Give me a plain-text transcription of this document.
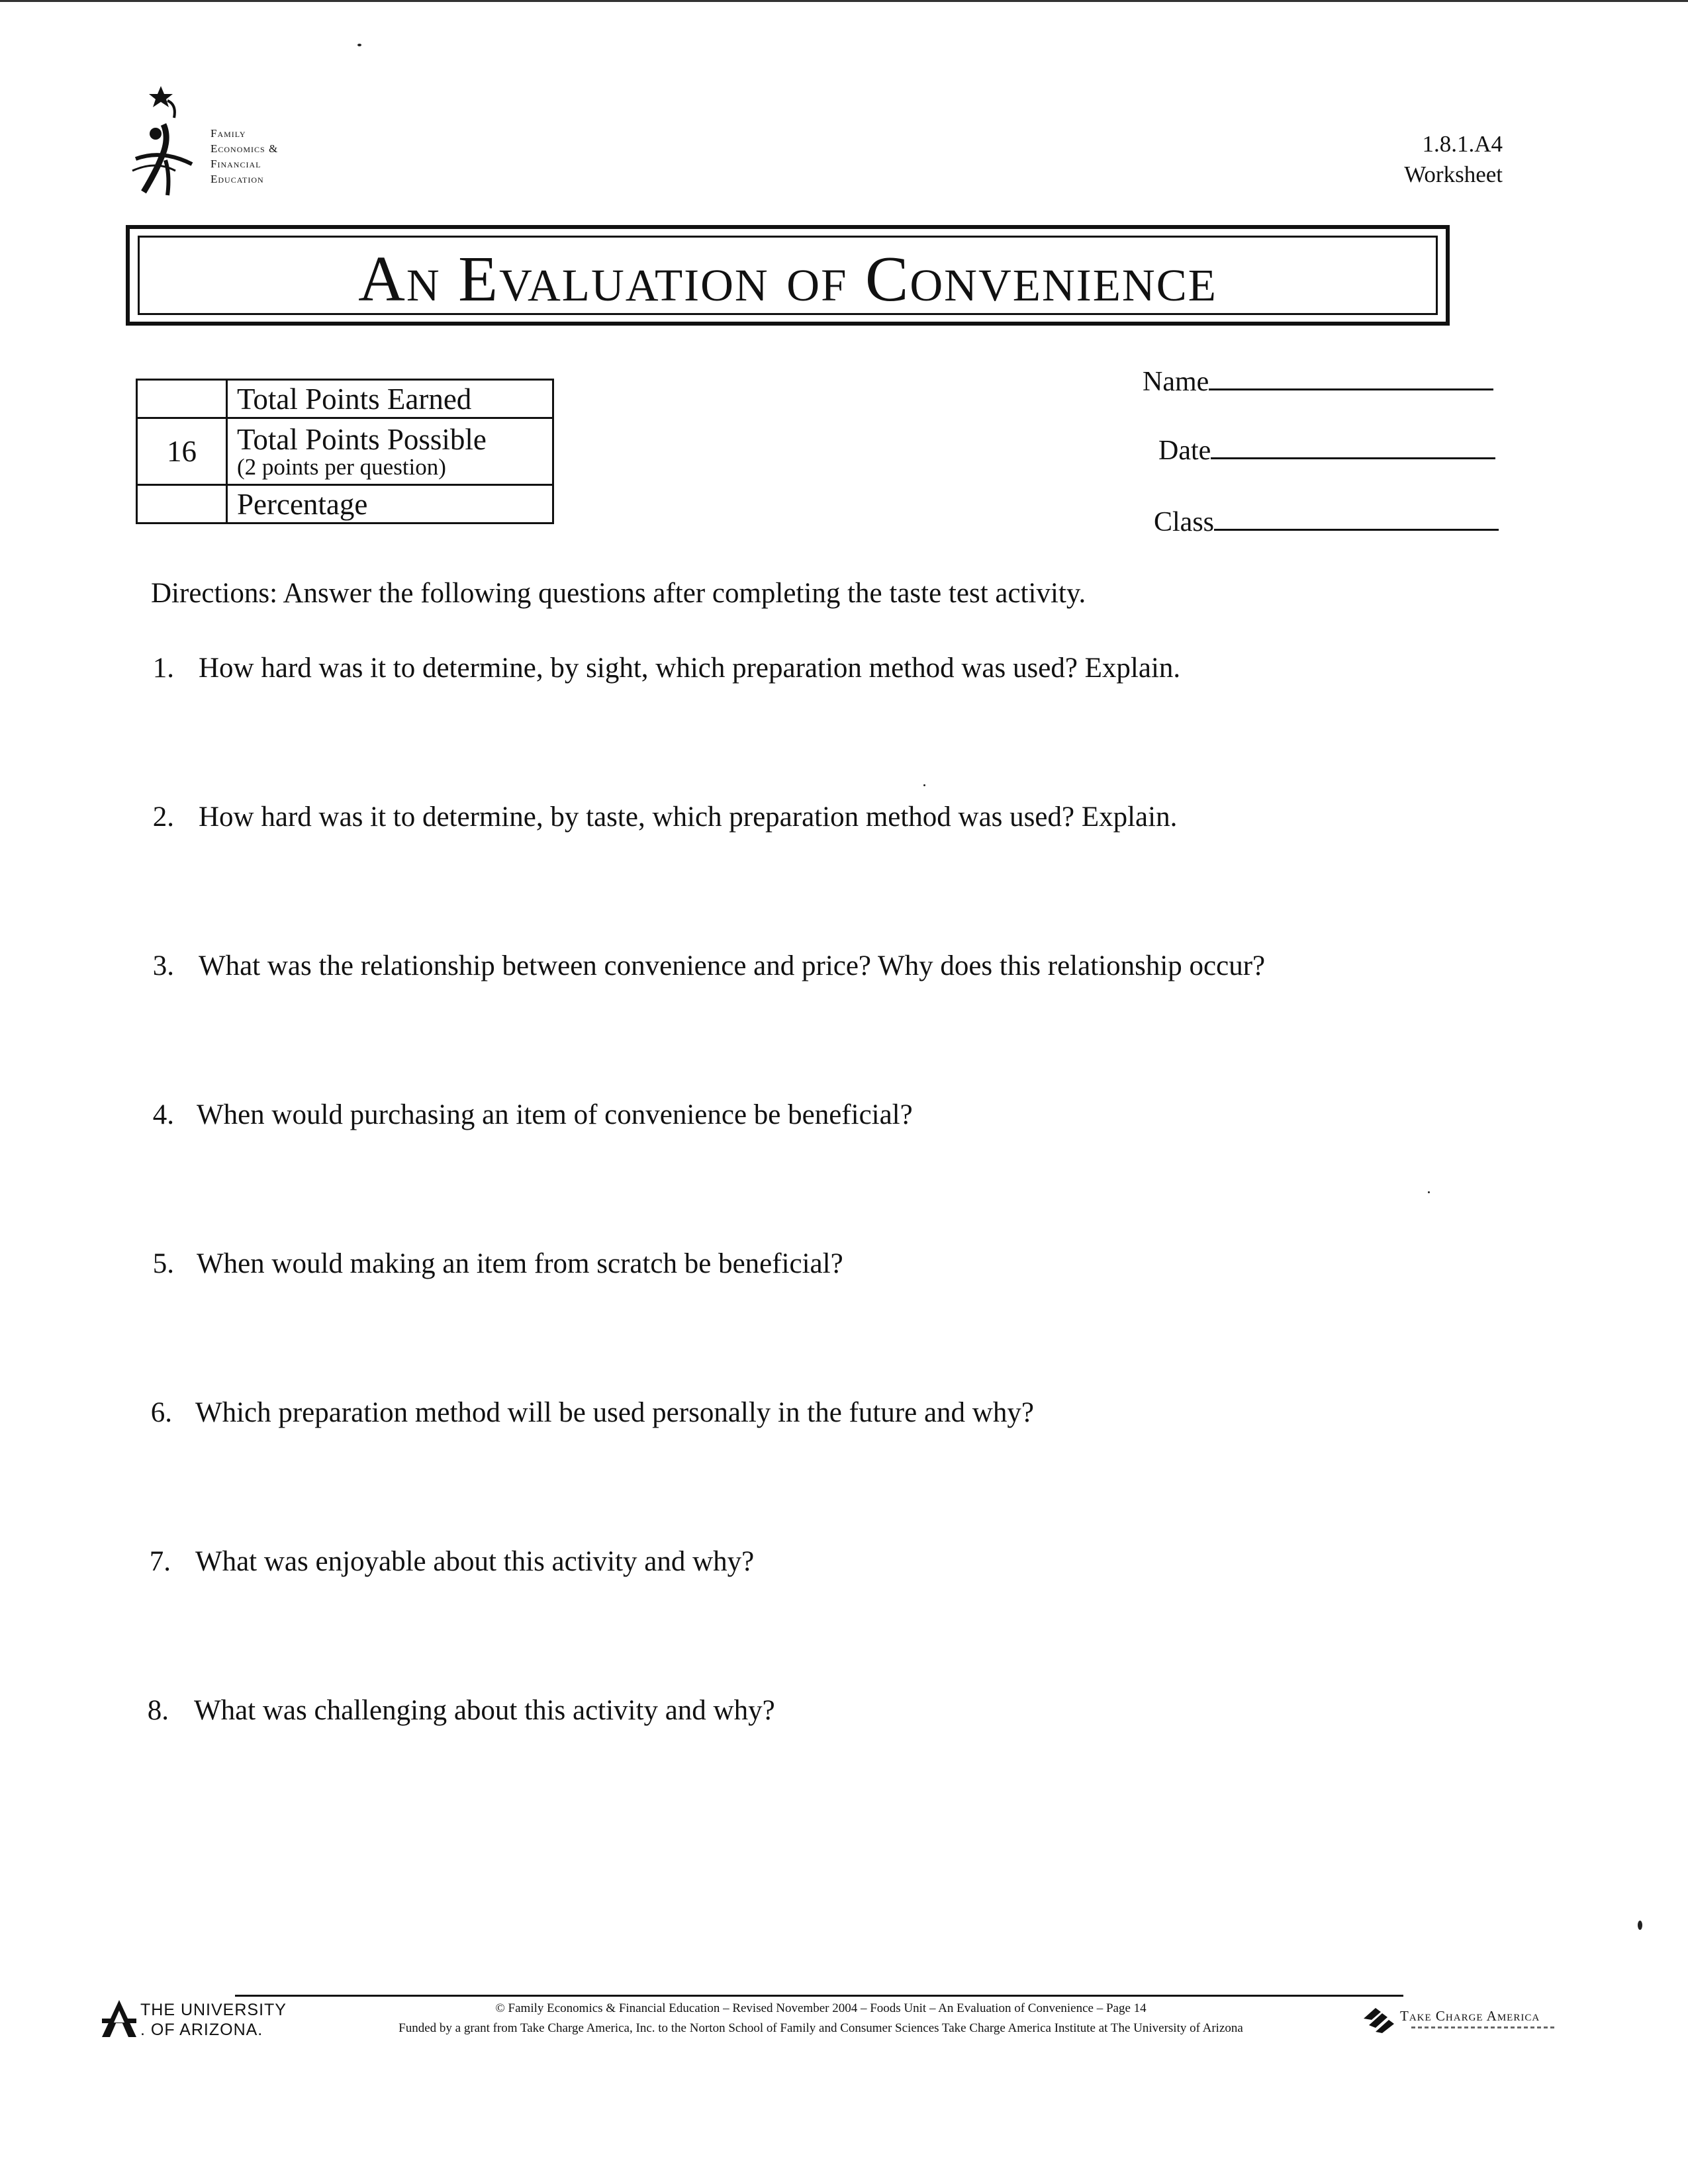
Family
Economics &
Financial
Education
1.8.1.A4
Worksheet
An Evaluation of Convenience
	Total Points Earned
16	Total Points Possible
(2 points per question)

	Percentage
Name
Date
Class
Directions: Answer the following questions after completing the taste test activity.
1. How hard was it to determine, by sight, which preparation method was used? Explain.
2. How hard was it to determine, by taste, which preparation method was used? Explain.
3. What was the relationship between convenience and price? Why does this relationship occur?
4. When would purchasing an item of convenience be beneficial?
5. When would making an item from scratch be beneficial?
6. Which preparation method will be used personally in the future and why?
7. What was enjoyable about this activity and why?
8. What was challenging about this activity and why?
THE UNIVERSITY
. OF ARIZONA.
© Family Economics & Financial Education – Revised November 2004 – Foods Unit – An Evaluation of Convenience – Page 14
Funded by a grant from Take Charge America, Inc. to the Norton School of Family and Consumer Sciences Take Charge America Institute at The University of Arizona
Take Charge America
